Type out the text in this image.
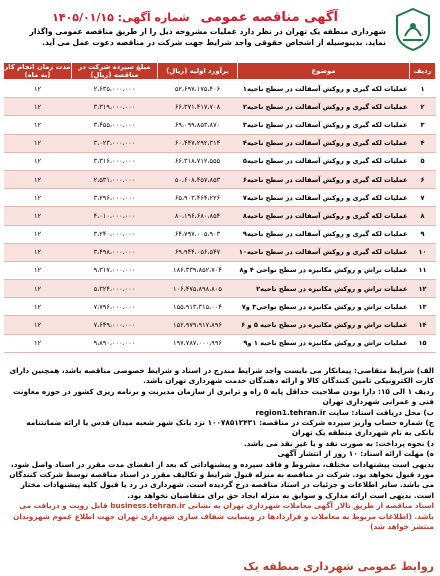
آگهی مناقصه عمومی شماره آگهی: ۱۴۰۵/۰۱/۱۵
شهرداری منطقه یک تهران در نظر دارد عملیات مشروحه ذیل را از طریق مناقصه عمومی واگذار نماید. بدینوسیله از اشخاص حقوقی واجد شرایط جهت شرکت در مناقصه دعوت عمل می آید.
ردیف	موضوع	برآورد اولیه (ریال)	مبلغ سپرده شرکت در مناقصه (ریال)	مدت زمان انجام کار (به ماه)
۱	عملیات لکه گیری و روکش آسفالت در سطح ناحیه۱	۵۲،۶۹۷،۱۷۵،۴۰۶	۲،۶۳۵،۰۰۰،۰۰۰	۱۲
۲	عملیات لکه گیری و روکش آسفالت در سطح ناحیه۲	۶۶،۳۷۱،۴۱۷،۷۰۸	۳،۳۱۹،۰۰۰،۰۰۰	۱۲
۳	عملیات لکه گیری و روکش آسفالت در سطح ناحیه۳	۶۹،۰۹۹،۸۵۳،۸۷۰	۳،۴۵۵،۰۰۰،۰۰۰	۱۲
۴	عملیات لکه گیری و روکش آسفالت در سطح ناحیه۴	۶۰،۴۴۷،۲۹۲،۳۱۴	۳،۰۲۳،۰۰۰،۰۰۰	۱۲
۵	عملیات لکه گیری و روکش آسفالت در سطح ناحیه۵	۶۶،۳۱۸،۷۱۲،۵۵۵	۳،۳۱۶،۰۰۰،۰۰۰	۱۲
۶	عملیات لکه گیری و روکش آسفالت در سطح ناحیه۶	۵۰،۶۰۸،۴۵۷،۸۵۳	۲،۵۳۱،۰۰۰،۰۰۰	۱۲
۷	عملیات لکه گیری و روکش آسفالت در سطح ناحیه۷	۶۵،۹۰۳،۴۶۴،۲۲۶	۳،۲۹۶،۰۰۰،۰۰۰	۱۲
۸	عملیات لکه گیری و روکش آسفالت در سطح ناحیه۸	۸۰،۱۹۶،۶۸۰،۸۵۴	۴،۰۱۰،۰۰۰،۰۰۰	۱۲
۹	عملیات لکه گیری و روکش آسفالت در سطح ناحیه۹	۶۴،۷۹۷،۰۰۵،۹۰۳	۳،۲۴۰،۰۰۰،۰۰۰	۱۲
۱۰	عملیات لکه گیری و روکش آسفالت در سطح ناحیه۱۰	۶۹،۹۴۴،۰۵۶،۵۴۷	۳،۴۹۸،۰۰۰،۰۰۰	۱۲
۱۱	عملیات تراش و روکش مکانیزه در سطح نواحی ۴ و۸	۱۸۶،۳۳۹،۸۵۲،۷۰۴	۹،۳۱۷،۰۰۰،۰۰۰	۱۲
۱۲	عملیات تراش و روکش مکانیزه در سطح ناحیه۲	۱۰۶،۴۷۵،۸۹۸،۸۰۵	۵،۳۲۴،۰۰۰،۰۰۰	۱۲
۱۳	عملیات تراش و روکش مکانیزه در سطح نواحی۳ و۷	۱۵۵،۹۱۳،۳۱۵،۰۰۴	۷،۷۹۶،۰۰۰،۰۰۰	۱۲
۱۴	عملیات تراش و روکش مکانیزه در سطح ناحیه ۵ و ۶	۱۵۲،۹۷۹،۹۱۷،۸۹۶	۷،۶۴۹،۰۰۰،۰۰۰	۱۲
۱۵	عملیات تراش و روکش مکانیزه در سطح ناحیه ۱ و۹	۱۹۷،۷۸۷،۰۰۰،۹۹۶	۹،۸۹۰،۰۰۰،۰۰۰	۱۲

الف) شرایط متقاضی: پیمانکار می بایست واجد شرایط مندرج در اسناد و شرایط خصوصی مناقصه باشد، همچنین دارای کارت الکترونیکی تامین کنندگان کالا و ارائه دهندگان خدمت شهرداری تهران باشد.

ردیف ۱ الی ۱۵: دارا بودن صلاحیت حداقل پایه ۵ راه و ترابری از سازمان مدیریت و برنامه ریزی کشور در حوزه معاونت فنی و عمرانی شهرداری تهران

ب) محل دریافت اسناد: سایت region1.tehran.ir

ج) شماره حساب واریز سپرده شرکت در مناقصه: ۱۰۰۷۸۵۱۲۴۳۱ نزد بانک شهر شعبه میدان قدس یا ارائه ضمانتنامه بانکی به نام شهرداری منطقه یک تهران

د) نحوه پرداخت: به صورت نقد و یا غیر نقد می باشد.

ه) مهلت ارائه اسناد: ۱۰ روز از انتشار آگهی

بدیهی است پیشنهادات مختلف، مشروط و فاقد سپرده و پیشنهاداتی که بعد از انقضای مدت مقرر در اسناد واصل شود، مورد قبول نخواهد بود. شرکت در مناقصه به منزله قبول شرایط و تکالیف مقرر در اسناد مناقصه توسط شرکت کنندگان می باشد. سایر اطلاعات و جزئیات در اسناد مناقصه درج گردیده است. شهرداری در رد یا قبول کلیه پیشنهادات مختار است. بدیهی است ارائه مدارک و سوابق به منزله ایجاد حق برای متقاضیان نخواهد بود.

اسناد مناقصه از طریق تالار آگهی معاملات شهرداری تهران به نشانی business.tehran.ir قابل رویت و دریافت می باشد. (اطلاعات مربوط به معاملات و قراردادها در وبسایت شفاف سازی شهرداری تهران جهت اطلاع عموم شهروندان منتشر خواهد شد)

روابط عمومی شهرداری منطقه یک
